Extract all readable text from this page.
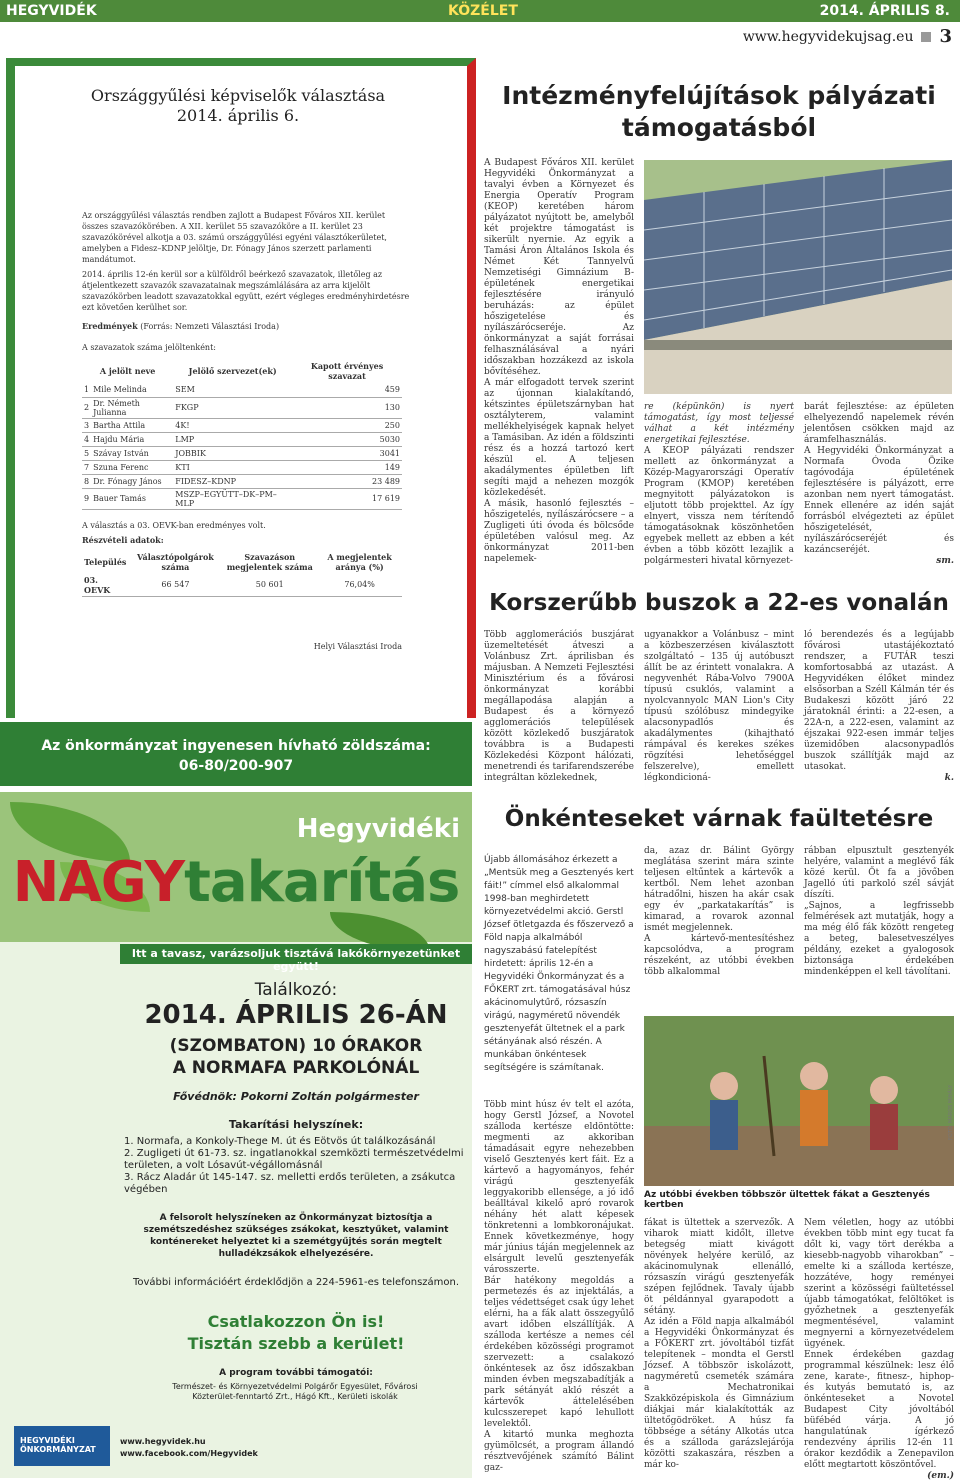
HEGYVIDÉK	KÖZÉLET	2014. ÁPRILIS 8.
www.hegyvidekujsag.eu 3
Országgyűlési képviselők választása
2014. április 6.

Az országgyűlési választás rendben zajlott a Budapest Főváros XII. kerület összes szavazókörében. A XII. kerület 55 szavazóköre a II. kerület 23 szavazókörével alkotja a 03. számú országgyűlési egyéni választókerületet, amelyben a Fidesz–KDNP jelöltje, Dr. Fónagy János szerzett parlamenti mandátumot.

2014. április 12-én kerül sor a külföldről beérkező szavazatok, illetőleg az átjelentkezett szavazók szavazatainak megszámlálására az arra kijelölt szavazókörben leadott szavazatokkal együtt, ezért végleges eredményhirdetésre ezt követően kerülhet sor.

Eredmények (Forrás: Nemzeti Választási Iroda)

A szavazatok száma jelöltenként:

A jelölt neve		Jelölő szervezet(ek)	Kapott érvényes szavazat
1	Mile Melinda	SEM	459
2	Dr. Németh Julianna	FKGP	130
3	Bartha Attila	4K!	250
4	Hajdu Mária	LMP	5030
5	Szávay István	JOBBIK	3041
7	Szuna Ferenc	KTI	149
8	Dr. Fónagy János	FIDESZ–KDNP	23 489
9	Bauer Tamás	MSZP–EGYÜTT–DK–PM–MLP	17 619

A választás a 03. OEVK-ban eredményes volt.

Részvételi adatok:

Település	Választópolgárok száma	Szavazáson megjelentek száma	A megjelentek aránya (%)
03. OEVK	66 547	50 601	76,04%

Helyi Választási Iroda

Az önkormányzat ingyenesen hívható zöldszáma:
06-80/200-907
Hegyvidéki
NAGYtakarítás
Itt a tavasz, varázsoljuk tisztává lakókörnyezetünket együtt!
Találkozó:
2014. ÁPRILIS 26-ÁN
(SZOMBATON) 10 ÓRAKOR
A NORMAFA PARKOLÓNÁL
Fővédnök: Pokorni Zoltán polgármester
Takarítási helyszínek:
1. Normafa, a Konkoly-Thege M. út és Eötvös út találkozásánál
2. Zugligeti út 61-73. sz. ingatlanokkal szemközti természetvédelmi területen, a volt Lósavút-végállomásnál
3. Rácz Aladár út 145-147. sz. melletti erdős területen, a zsákutca végében
A felsorolt helyszíneken az Önkormányzat biztosítja a szemétszedéshez szükséges zsákokat, kesztyűket, valamint konténereket helyeztet ki a szemétgyűjtés során megtelt hulladékzsákok elhelyezésére.
További információért érdeklődjön a 224-5961-es telefonszámon.
Csatlakozzon Ön is!
Tisztán szebb a kerület!
A program további támogatói:
Természet- és Környezetvédelmi Polgárőr Egyesület, Fővárosi Közterület-fenntartó Zrt., Hágó Kft., Kerületi iskolák
HEGYVIDÉKI
ÖNKORMÁNYZAT
www.hegyvidek.hu
www.facebook.com/Hegyvidek
Intézményfelújítások pályázati támogatásból

A Budapest Főváros XII. kerület Hegyvidéki Önkormányzat a tavalyi évben a Környezet és Energia Operatív Program (KEOP) keretében három pályázatot nyújtott be, amelyből két projektre támogatást is sikerült nyernie. Az egyik a Tamási Áron Általános Iskola és Német Két Tannyelvű Nemzetiségi Gimnázium B-épületének energetikai fejlesztésére irányuló beruházás: az épület hőszigetelése és nyílászárócseréje. Az önkormányzat a saját forrásai felhasználásával a nyári időszakban hozzákezd az iskola bővítéséhez.

A már elfogadott tervek szerint az újonnan kialakítandó, kétszintes épületszárnyban hat osztályterem, valamint mellékhelyiségek kapnak helyet a Tamásiban. Az idén a földszinti rész és a hozzá tartozó kert készül el. A teljesen akadálymentes épületben lift segíti majd a nehezen mozgók közlekedését.

A másik, hasonló fejlesztés – hőszigetelés, nyílászárócsere – a Zugligeti úti óvoda és bölcsőde épületében valósul meg. Az önkormányzat 2011-ben napelemek-

re (képünkön) is nyert támogatást, így most teljessé válhat a két intézmény energetikai fejlesztése.

A KEOP pályázati rendszer mellett az önkormányzat a Közép-Magyarországi Operatív Program (KMOP) keretében megnyitott pályázatokon is eljutott több projekttel. Az így elnyert, vissza nem térítendő támogatásoknak köszönhetően egyebek mellett az ebben a két évben a több között lezajlik a polgármesteri hivatal környezet-

barát fejlesztése: az épületen elhelyezendő napelemek révén jelentősen csökken majd az áramfelhasználás.

A Hegyvidéki Önkormányzat a Normafa Óvoda Özike tagóvodája épületének fejlesztésére is pályázott, erre azonban nem nyert támogatást. Ennek ellenére az idén saját forrásból elvégezteti az épület hőszigetelését, nyílászárócseréjét és kazáncseréjét.

sm.

Korszerűbb buszok a 22-es vonalán
Több agglomerációs buszjárat üzemeltetését átveszi a Volánbusz Zrt. áprilisban és májusban. A Nemzeti Fejlesztési Minisztérium és a fővárosi önkormányzat korábbi megállapodása alapján a Budapest és a környező agglomerációs települések között közlekedő buszjáratok továbbra is a Budapesti Közlekedési Központ hálózati, menetrendi és tarifarendszerébe integráltan közlekednek,
ugyanakkor a Volánbusz – mint a közbeszerzésen kiválasztott szolgáltató – 135 új autóbuszt állít be az érintett vonalakra. A negyvenhét Rába-Volvo 7900A típusú csuklós, valamint a nyolcvannyolc MAN Lion's City típusú szólóbusz mindegyike alacsonypadlós és akadálymentes (kihajtható rámpával és kerekes székes rögzítési lehetőséggel felszerelve), emellett légkondicioná-

ló berendezés és a legújabb fővárosi utastájékoztató rendszer, a FUTÁR teszi komfortosabbá az utazást. A Hegyvidéken élőket mindez elsősorban a Széll Kálmán tér és Budakeszi között járó 22 járatoknál érinti: a 22-esen, a 22A-n, a 222-esen, valamint az éjszakai 922-esen immár teljes üzemidőben alacsonypadlós buszok szállítják majd az utasokat.

k.

Önkénteseket várnak faültetésre
Újabb állomásához érkezett a „Mentsük meg a Gesztenyés kert fáit!” címmel első alkalommal 1998-ban meghirdetett környezetvédelmi akció. Gerstl József ötletgazda és főszervező a Föld napja alkalmából nagyszabású fatelepítést hirdetett: április 12-én a Hegyvidéki Önkormányzat és a FŐKERT zrt. támogatásával húsz akácinomulytűrő, rózsaszín virágú, nagyméretű növendék gesztenyefát ültetnek el a park sétányának alsó részén. A munkában önkéntesek segítségére is számítanak.

da, azaz dr. Bálint György meglátása szerint mára szinte teljesen eltűntek a kártevők a kertből. Nem lehet azonban hátradőlni, hiszen ha akár csak egy év „parkatakarítás” is kimarad, a rovarok azonnal ismét megjelennek.

A kártevő-mentesítéshez kapcsolódva, a program részeként, az utóbbi években több alkalommal

rábban elpusztult gesztenyék helyére, valamint a meglévő fák közé kerül. Őt fa a jövőben Jagelló úti parkoló szél sávját díszíti.

„Sajnos, a legfrissebb felmérések azt mutatják, hogy a ma még élő fák között rengeteg a beteg, balesetveszélyes példány, ezeket a gyalogosok biztonsága érdekében mindenképpen el kell távolítani.

Az utóbbi években többször ültettek fákat a Gesztenyés kertben
FOTÓ: MAROS MIHÁLY

Több mint húsz év telt el azóta, hogy Gerstl József, a Novotel szálloda kertésze eldöntötte: megmenti az akkoriban támadásait egyre nehezebben viselő Gesztenyés kert fáit. Ez a kártevő a hagyományos, fehér virágú gesztenyefák leggyakoribb ellensége, a jó idő beálltával kikelő apró rovarok néhány hét alatt képesek tönkretenni a lombkoronájukat. Ennek következménye, hogy már június táján megjelennek az elsárgult levelű gesztenyefák városszerte.

Bár hatékony megoldás a permetezés és az injektálás, a teljes védettséget csak úgy lehet elérni, ha a fák alatt összegyűlő avart időben elszállítják. A szálloda kertésze a nemes cél érdekében közösségi programot szervezett: a csalakozó önkéntesek az ősz időszakban minden évben megszabadítják a park sétányát akló részét a kártevők áttelelésében kulcsszerepet kapó lehullott levelektől.

A kitartó munka meghozta gyümölcsét, a program állandó résztvevőjének számító Bálint gaz-

fákat is ültettek a szervezők. A viharok miatt kidőlt, illetve betegség miatt kivágott növények helyére kerülő, az akácinomulynak ellenálló, rózsaszín virágú gesztenyefák szépen fejlődnek. Tavaly újabb öt példánnyal gyarapodott a sétány.

Az idén a Föld napja alkalmából a Hegyvidéki Önkormányzat és a FŐKERT zrt. jóvoltából tizfát telepítenek – mondta el Gerstl József. A többször iskolázott, nagyméretű csemeték számára a Mechatronikai Szakközépiskola és Gimnázium diákjai már kialakították az ültetőgödröket. A húsz fa többsége a sétány Alkotás utca és a szálloda garázslejárója közötti szakaszára, részben a már ko-

Nem véletlen, hogy az utóbbi években több mint egy tucat fa dőlt ki, vagy tört derékba a kiesebb-nagyobb viharokban” – emelte ki a szálloda kertésze, hozzátéve, hogy reményei szerint a közösségi faültetéssel újabb támogatókat, felöltöket is győzhetnek a gesztenyefák megmentésével, valamint megnyerni a környezetvédelem ügyének.

Ennek érdekében gazdag programmal készülnek: lesz élő zene, karate-, fitnesz-, hiphop- és kutyás bemutató is, az önkénteseket a Novotel Budapest City jóvoltából büfébéd várja. A jó hangulatúnak ígérkező rendezvény április 12-én 11 órakor kezdődik a Zenepavilon előtt megtartott köszöntővel.

(em.)
